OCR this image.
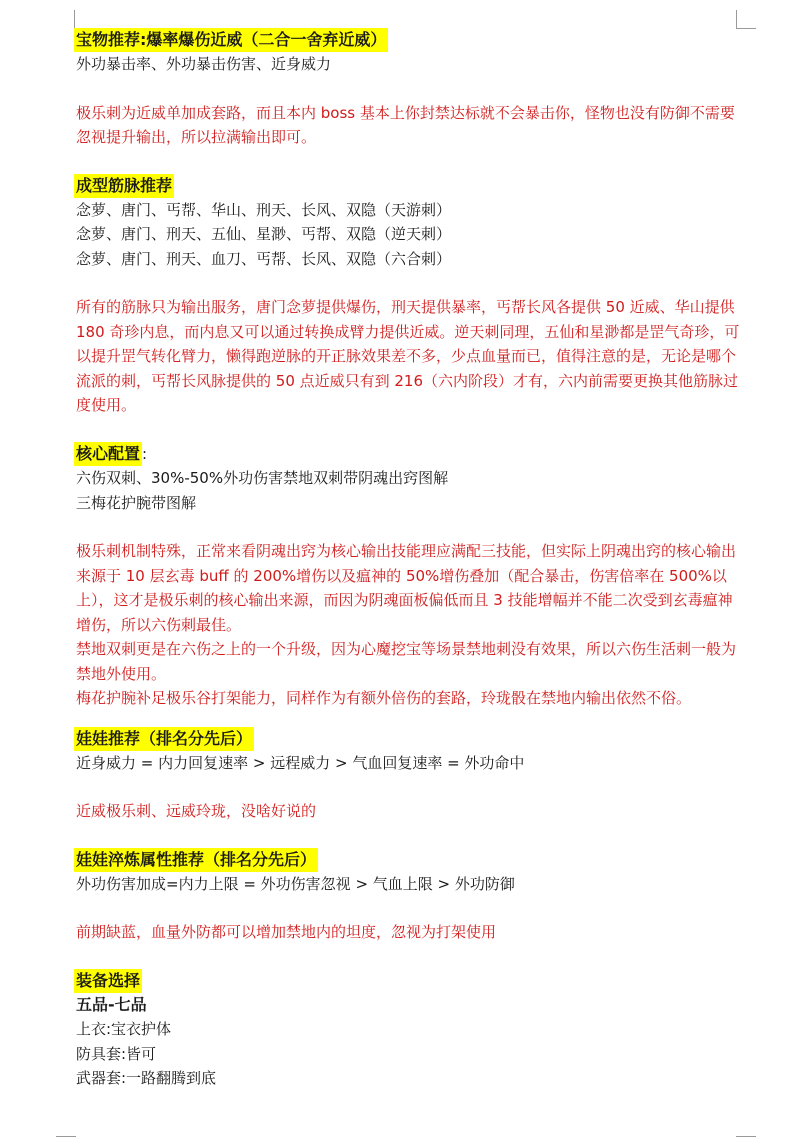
宝物推荐:爆率爆伤近威（二合一舍弃近威）
外功暴击率、外功暴击伤害、近身威力

极乐刺为近威单加成套路，而且本内 boss 基本上你封禁达标就不会暴击你，怪物也没有防御不需要忽视提升输出，所以拉满输出即可。

成型筋脉推荐
念萝、唐门、丐帮、华山、刑天、长风、双隐（天游刺）
念萝、唐门、刑天、五仙、星渺、丐帮、双隐（逆天刺）
念萝、唐门、刑天、血刀、丐帮、长风、双隐（六合刺）

所有的筋脉只为输出服务，唐门念萝提供爆伤，刑天提供暴率，丐帮长风各提供 50 近威、华山提供 180 奇珍内息，而内息又可以通过转换成臂力提供近威。逆天刺同理，五仙和星渺都是罡气奇珍，可以提升罡气转化臂力，懒得跑逆脉的开正脉效果差不多，少点血量而已，值得注意的是，无论是哪个流派的刺，丐帮长风脉提供的 50 点近威只有到 216（六内阶段）才有，六内前需要更换其他筋脉过度使用。

核心配置 :
六伤双刺、30%-50%外功伤害禁地双刺带阴魂出窍图解
三梅花护腕带图解

极乐刺机制特殊，正常来看阴魂出窍为核心输出技能理应满配三技能，但实际上阴魂出窍的核心输出来源于 10 层玄毒 buff 的 200%增伤以及瘟神的 50%增伤叠加（配合暴击，伤害倍率在 500%以上），这才是极乐刺的核心输出来源，而因为阴魂面板偏低而且 3 技能增幅并不能二次受到玄毒瘟神增伤，所以六伤刺最佳。

禁地双刺更是在六伤之上的一个升级，因为心魔挖宝等场景禁地刺没有效果，所以六伤生活刺一般为禁地外使用。

梅花护腕补足极乐谷打架能力，同样作为有额外倍伤的套路，玲珑骰在禁地内输出依然不俗。

娃娃推荐（排名分先后）
近身威力 = 内力回复速率 > 远程威力 > 气血回复速率 = 外功命中

近威极乐刺、远威玲珑，没啥好说的

娃娃淬炼属性推荐（排名分先后）
外功伤害加成=内力上限 = 外功伤害忽视 > 气血上限 > 外功防御

前期缺蓝，血量外防都可以增加禁地内的坦度，忽视为打架使用

装备选择
五品-七品
上衣:宝衣护体
防具套:皆可
武器套:一路翻腾到底
